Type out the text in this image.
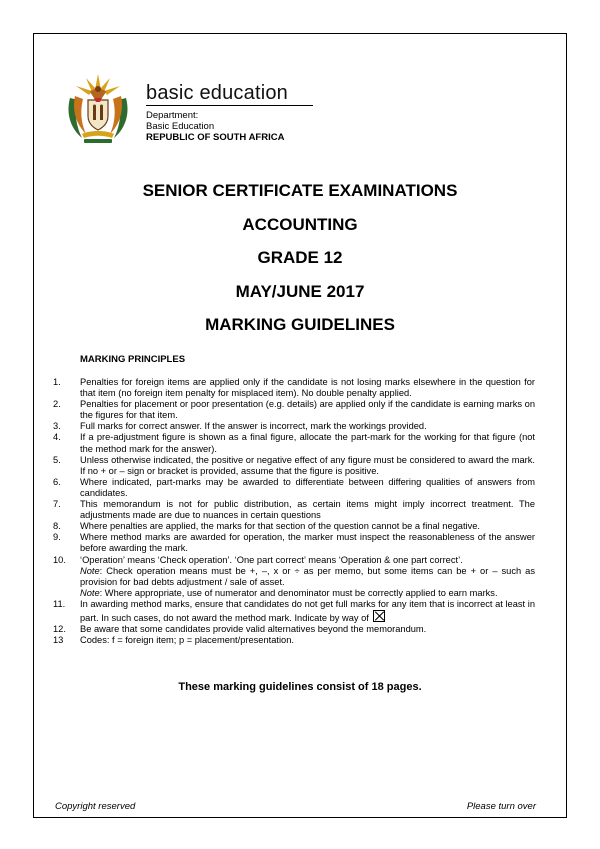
basic education
Department:
Basic Education
REPUBLIC OF SOUTH AFRICA
SENIOR CERTIFICATE EXAMINATIONS
ACCOUNTING
GRADE 12
MAY/JUNE 2017
MARKING GUIDELINES
MARKING PRINCIPLES
1.	Penalties for foreign items are applied only if the candidate is not losing marks elsewhere in the question for that item (no foreign item penalty for misplaced item). No double penalty applied.
2.	Penalties for placement or poor presentation (e.g. details) are applied only if the candidate is earning marks on the figures for that item.
3.	Full marks for correct answer. If the answer is incorrect, mark the workings provided.
4.	If a pre-adjustment figure is shown as a final figure, allocate the part-mark for the working for that figure (not the method mark for the answer).
5.	Unless otherwise indicated, the positive or negative effect of any figure must be considered to award the mark. If no + or – sign or bracket is provided, assume that the figure is positive.
6.	Where indicated, part-marks may be awarded to differentiate between differing qualities of answers from candidates.
7.	This memorandum is not for public distribution, as certain items might imply incorrect treatment. The adjustments made are due to nuances in certain questions
8.	Where penalties are applied, the marks for that section of the question cannot be a final negative.
9.	Where method marks are awarded for operation, the marker must inspect the reasonableness of the answer before awarding the mark.
10.	‘Operation’ means ‘Check operation’. ‘One part correct’ means ‘Operation & one part correct’.
Note: Check operation means must be +, –, x or ÷ as per memo, but some items can be + or – such as provision for bad debts adjustment / sale of asset.
Note: Where appropriate, use of numerator and denominator must be correctly applied to earn marks.
11.	In awarding method marks, ensure that candidates do not get full marks for any item that is incorrect at least in part. In such cases, do not award the method mark. Indicate by way of
12.	Be aware that some candidates provide valid alternatives beyond the memorandum.
13	Codes: f = foreign item; p = placement/presentation.
These marking guidelines consist of 18 pages.
Copyright reserved	Please turn over
